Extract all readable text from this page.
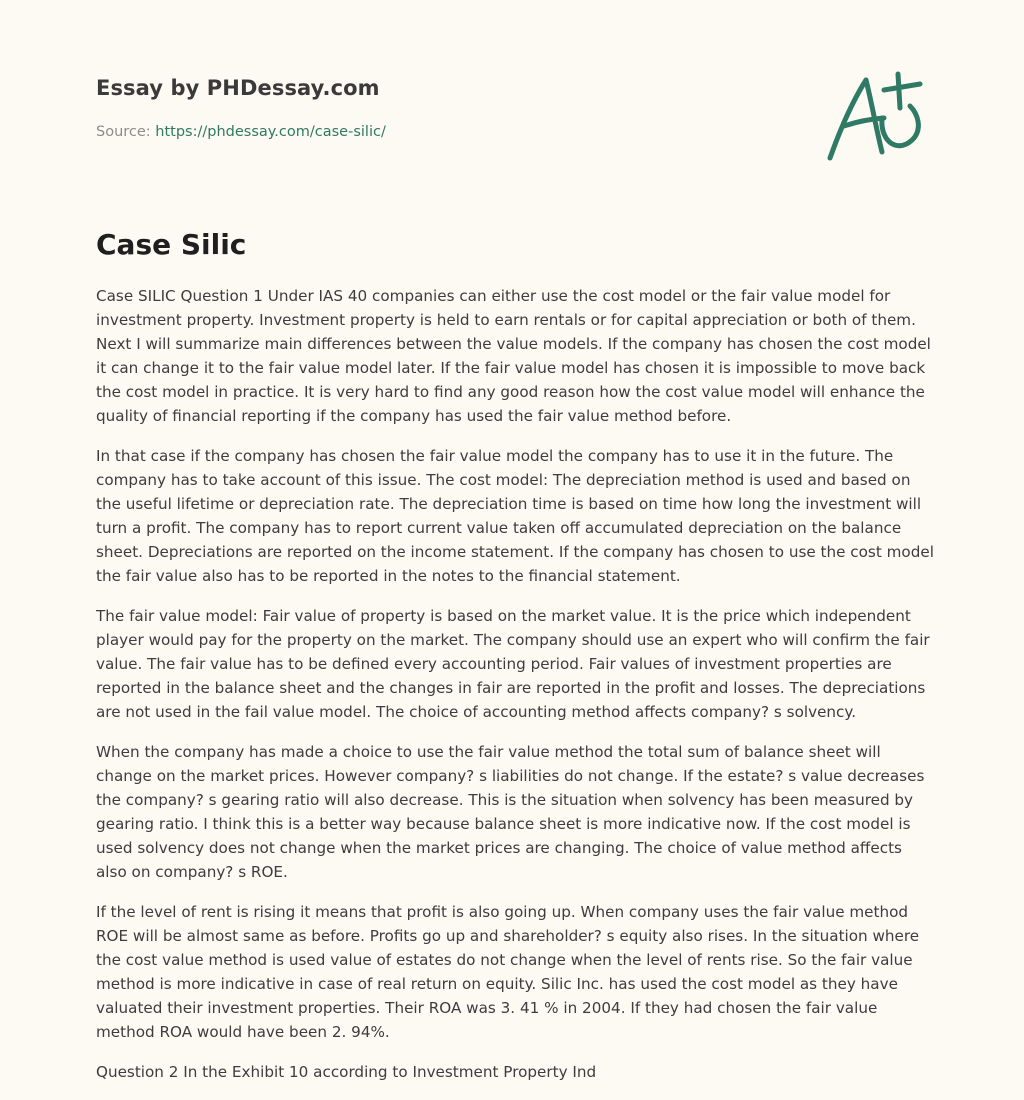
Essay by PHDessay.com
Source: https://phdessay.com/case-silic/
Case Silic

Case SILIC Question 1 Under IAS 40 companies can either use the cost model or the fair value model for investment property. Investment property is held to earn rentals or for capital appreciation or both of them. Next I will summarize main differences between the value models. If the company has chosen the cost model it can change it to the fair value model later. If the fair value model has chosen it is impossible to move back the cost model in practice. It is very hard to find any good reason how the cost value model will enhance the quality of financial reporting if the company has used the fair value method before.

In that case if the company has chosen the fair value model the company has to use it in the future. The company has to take account of this issue. The cost model: The depreciation method is used and based on the useful lifetime or depreciation rate. The depreciation time is based on time how long the investment will turn a profit. The company has to report current value taken off accumulated depreciation on the balance sheet. Depreciations are reported on the income statement. If the company has chosen to use the cost model the fair value also has to be reported in the notes to the financial statement.

The fair value model: Fair value of property is based on the market value. It is the price which independent player would pay for the property on the market. The company should use an expert who will confirm the fair value. The fair value has to be defined every accounting period. Fair values of investment properties are reported in the balance sheet and the changes in fair are reported in the profit and losses. The depreciations are not used in the fail value model. The choice of accounting method affects company? s solvency.

When the company has made a choice to use the fair value method the total sum of balance sheet will change on the market prices. However company? s liabilities do not change. If the estate? s value decreases the company? s gearing ratio will also decrease. This is the situation when solvency has been measured by gearing ratio. I think this is a better way because balance sheet is more indicative now. If the cost model is used solvency does not change when the market prices are changing. The choice of value method affects also on company? s ROE.

If the level of rent is rising it means that profit is also going up. When company uses the fair value method ROE will be almost same as before. Profits go up and shareholder? s equity also rises. In the situation where the cost value method is used value of estates do not change when the level of rents rise. So the fair value method is more indicative in case of real return on equity. Silic Inc. has used the cost model as they have valuated their investment properties. Their ROA was 3. 41 % in 2004. If they had chosen the fair value method ROA would have been 2. 94%.

Question 2 In the Exhibit 10 according to Investment Property Ind
